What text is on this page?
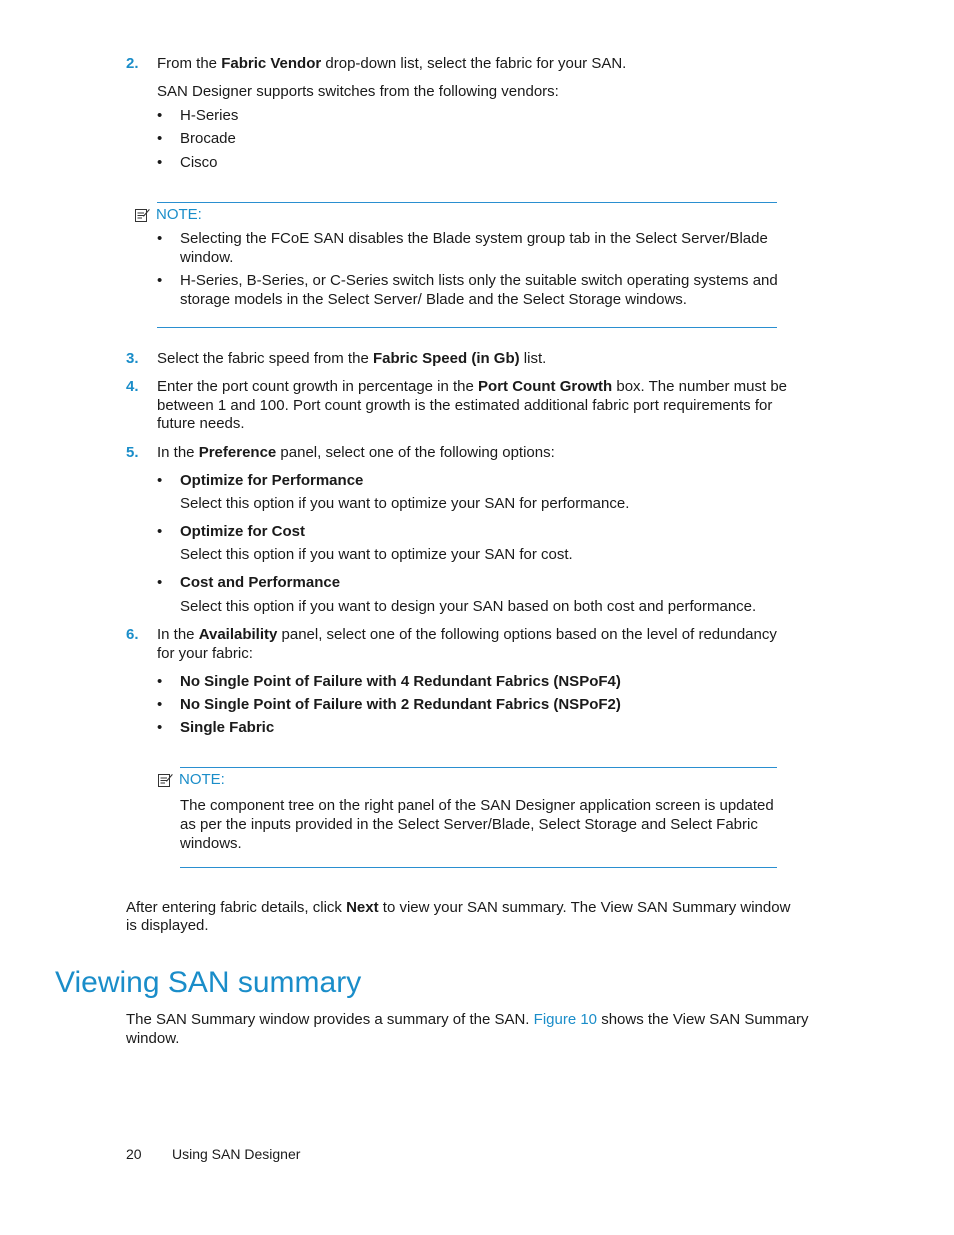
2. From the Fabric Vendor drop-down list, select the fabric for your SAN.
SAN Designer supports switches from the following vendors:
• H-Series
• Brocade
• Cisco
NOTE:
• Selecting the FCoE SAN disables the Blade system group tab in the Select Server/Blade
window.
• H-Series, B-Series, or C-Series switch lists only the suitable switch operating systems and
storage models in the Select Server/ Blade and the Select Storage windows.
3. Select the fabric speed from the Fabric Speed (in Gb) list.
4. Enter the port count growth in percentage in the Port Count Growth box. The number must be
between 1 and 100. Port count growth is the estimated additional fabric port requirements for
future needs.
5. In the Preference panel, select one of the following options:
• Optimize for Performance
Select this option if you want to optimize your SAN for performance.
• Optimize for Cost
Select this option if you want to optimize your SAN for cost.
• Cost and Performance
Select this option if you want to design your SAN based on both cost and performance.
6. In the Availability panel, select one of the following options based on the level of redundancy
for your fabric:
• No Single Point of Failure with 4 Redundant Fabrics (NSPoF4)
• No Single Point of Failure with 2 Redundant Fabrics (NSPoF2)
• Single Fabric
NOTE:
The component tree on the right panel of the SAN Designer application screen is updated
as per the inputs provided in the Select Server/Blade, Select Storage and Select Fabric
windows.
After entering fabric details, click Next to view your SAN summary. The View SAN Summary window
is displayed.
Viewing SAN summary
The SAN Summary window provides a summary of the SAN. Figure 10 shows the View SAN Summary
window.
20 Using SAN Designer
